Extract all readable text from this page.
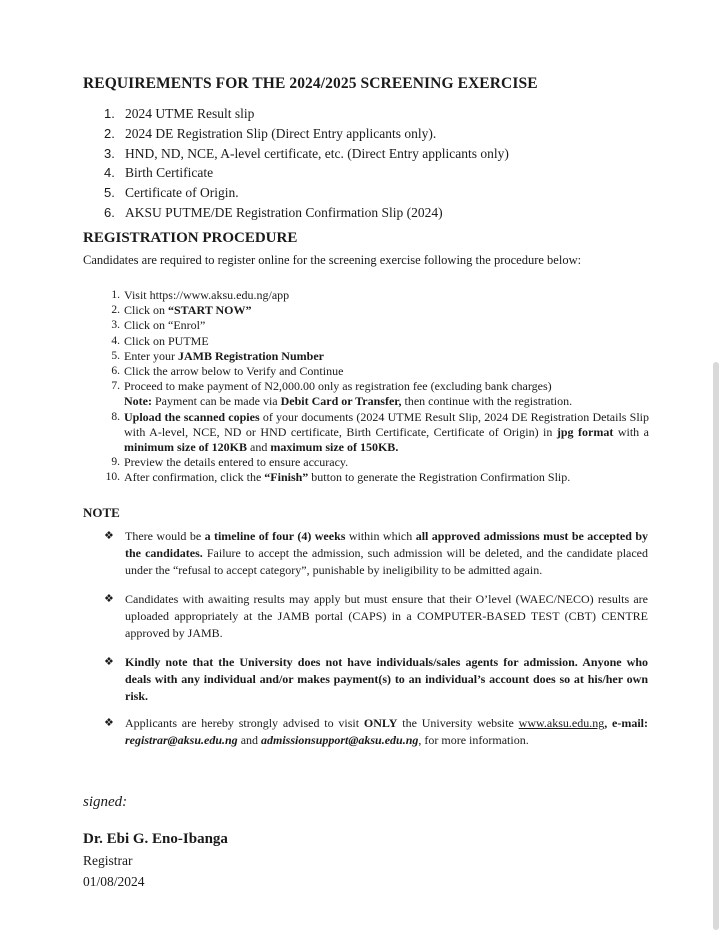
REQUIREMENTS FOR THE 2024/2025 SCREENING EXERCISE
1. 2024 UTME Result slip
2. 2024 DE Registration Slip (Direct Entry applicants only).
3. HND, ND, NCE, A-level certificate, etc. (Direct Entry applicants only)
4. Birth Certificate
5. Certificate of Origin.
6. AKSU PUTME/DE Registration Confirmation Slip (2024)
REGISTRATION PROCEDURE
Candidates are required to register online for the screening exercise following the procedure below:
1. Visit https://www.aksu.edu.ng/app
2. Click on “START NOW”
3. Click on “Enrol”
4. Click on PUTME
5. Enter your JAMB Registration Number
6. Click the arrow below to Verify and Continue
7. Proceed to make payment of N2,000.00 only as registration fee (excluding bank charges)
Note: Payment can be made via Debit Card or Transfer, then continue with the registration.
8. Upload the scanned copies of your documents (2024 UTME Result Slip, 2024 DE Registration Details Slip with A-level, NCE, ND or HND certificate, Birth Certificate, Certificate of Origin) in jpg format with a minimum size of 120KB and maximum size of 150KB.
9. Preview the details entered to ensure accuracy.
10. After confirmation, click the “Finish” button to generate the Registration Confirmation Slip.
NOTE
❖ There would be a timeline of four (4) weeks within which all approved admissions must be accepted by the candidates. Failure to accept the admission, such admission will be deleted, and the candidate placed under the “refusal to accept category”, punishable by ineligibility to be admitted again.
❖ Candidates with awaiting results may apply but must ensure that their O’level (WAEC/NECO) results are uploaded appropriately at the JAMB portal (CAPS) in a COMPUTER-BASED TEST (CBT) CENTRE approved by JAMB.
❖ Kindly note that the University does not have individuals/sales agents for admission. Anyone who deals with any individual and/or makes payment(s) to an individual’s account does so at his/her own risk.
❖ Applicants are hereby strongly advised to visit ONLY the University website www.aksu.edu.ng, e-mail: registrar@aksu.edu.ng and admissionsupport@aksu.edu.ng, for more information.
signed:
Dr. Ebi G. Eno-Ibanga
Registrar
01/08/2024
